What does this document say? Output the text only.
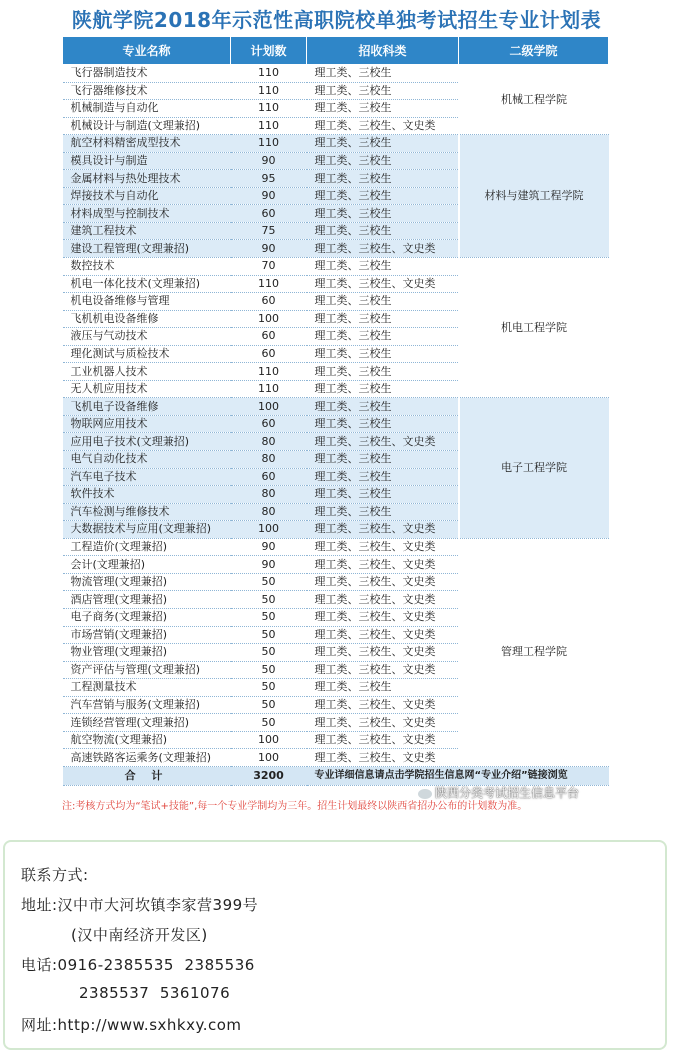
陕航学院2018年示范性高职院校单独考试招生专业计划表
专业名称	计划数	招收科类	二级学院
飞行器制造技术	110	理工类、三校生	机械工程学院
飞行器维修技术	110	理工类、三校生	
机械制造与自动化	110	理工类、三校生	
机械设计与制造(文理兼招)	110	理工类、三校生、文史类	
航空材料精密成型技术	110	理工类、三校生	材料与建筑工程学院
模具设计与制造	90	理工类、三校生	
金属材料与热处理技术	95	理工类、三校生	
焊接技术与自动化	90	理工类、三校生	
材料成型与控制技术	60	理工类、三校生	
建筑工程技术	75	理工类、三校生	
建设工程管理(文理兼招)	90	理工类、三校生、文史类	
数控技术	70	理工类、三校生	机电工程学院
机电一体化技术(文理兼招)	110	理工类、三校生、文史类	
机电设备维修与管理	60	理工类、三校生	
飞机机电设备维修	100	理工类、三校生	
液压与气动技术	60	理工类、三校生	
理化测试与质检技术	60	理工类、三校生	
工业机器人技术	110	理工类、三校生	
无人机应用技术	110	理工类、三校生	
飞机电子设备维修	100	理工类、三校生	电子工程学院
物联网应用技术	60	理工类、三校生	
应用电子技术(文理兼招)	80	理工类、三校生、文史类	
电气自动化技术	80	理工类、三校生	
汽车电子技术	60	理工类、三校生	
软件技术	80	理工类、三校生	
汽车检测与维修技术	80	理工类、三校生	
大数据技术与应用(文理兼招)	100	理工类、三校生、文史类	
工程造价(文理兼招)	90	理工类、三校生、文史类	管理工程学院
会计(文理兼招)	90	理工类、三校生、文史类	
物流管理(文理兼招)	50	理工类、三校生、文史类	
酒店管理(文理兼招)	50	理工类、三校生、文史类	
电子商务(文理兼招)	50	理工类、三校生、文史类	
市场营销(文理兼招)	50	理工类、三校生、文史类	
物业管理(文理兼招)	50	理工类、三校生、文史类	
资产评估与管理(文理兼招)	50	理工类、三校生、文史类	
工程测量技术	50	理工类、三校生	
汽车营销与服务(文理兼招)	50	理工类、三校生、文史类	
连锁经营管理(文理兼招)	50	理工类、三校生、文史类	
航空物流(文理兼招)	100	理工类、三校生、文史类	
高速铁路客运乘务(文理兼招)	100	理工类、三校生、文史类	
合 计	3200	专业详细信息请点击学院招生信息网“专业介绍”链接浏览	
注:考核方式均为“笔试+技能”,每一个专业学制均为三年。招生计划最终以陕西省招办公布的计划数为准。
陕西分类考试招生信息平台
联系方式:
地址:汉中市大河坎镇李家营399号
(汉中南经济开发区)
电话:0916-2385535  2385536
2385537  5361076
网址:http://www.sxhkxy.com
